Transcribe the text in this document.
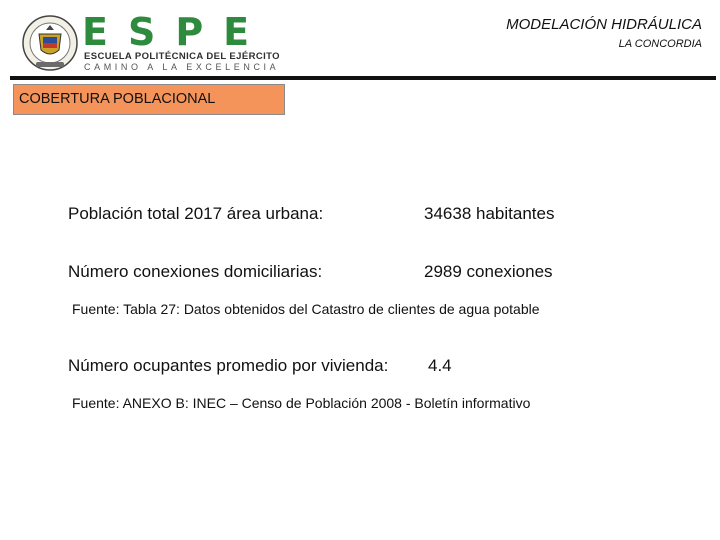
ESPE
ESCUELA POLITÉCNICA DEL EJÉRCITO
CAMINO A LA EXCELENCIA
MODELACIÓN HIDRÁULICA
LA CONCORDIA
COBERTURA POBLACIONAL
Población total 2017 área urbana:	34638 habitantes
Número conexiones domiciliarias:	2989 conexiones
Fuente: Tabla 27: Datos obtenidos del Catastro de clientes de agua potable
Número ocupantes promedio por vivienda: 4.4
Fuente: ANEXO B: INEC – Censo de Población 2008 - Boletín informativo
